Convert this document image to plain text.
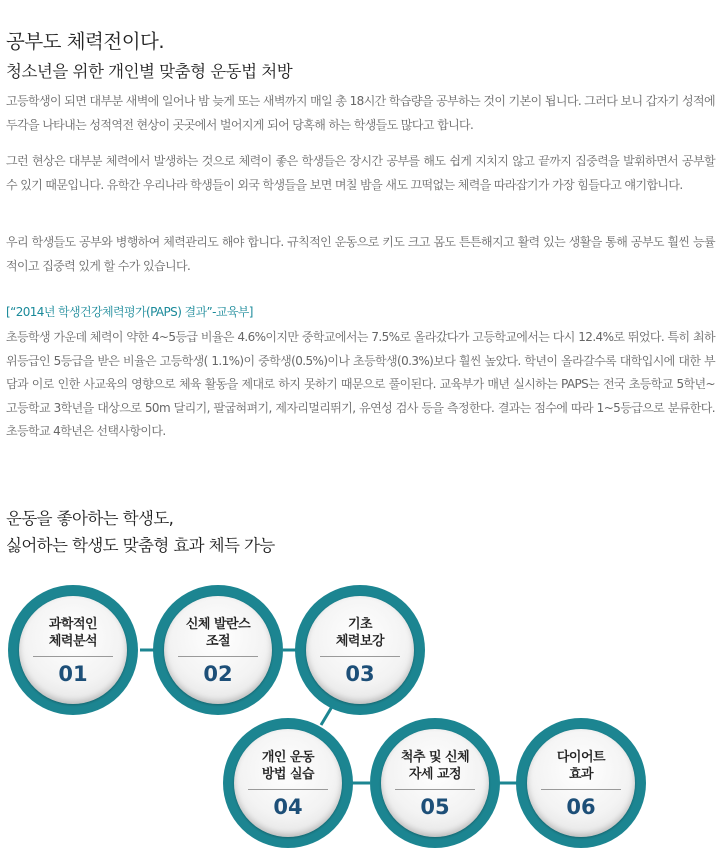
공부도 체력전이다.
청소년을 위한 개인별 맞춤형 운동법 처방

고등학생이 되면 대부분 새벽에 일어나 밤 늦게 또는 새벽까지 매일 총 18시간 학습량을 공부하는 것이 기본이 됩니다. 그러다 보니 갑자기 성적에 두각을 나타내는 성적역전 현상이 곳곳에서 벌어지게 되어 당혹해 하는 학생들도 많다고 합니다.

그런 현상은 대부분 체력에서 발생하는 것으로 체력이 좋은 학생들은 장시간 공부를 해도 쉽게 지치지 않고 끝까지 집중력을 발휘하면서 공부할 수 있기 때문입니다. 유학간 우리나라 학생들이 외국 학생들을 보면 며칠 밤을 새도 끄떡없는 체력을 따라잡기가 가장 힘들다고 얘기합니다.

우리 학생들도 공부와 병행하여 체력관리도 해야 합니다. 규칙적인 운동으로 키도 크고 몸도 튼튼해지고 활력 있는 생활을 통해 공부도 훨씬 능률적이고 집중력 있게 할 수가 있습니다.

[“2014년 학생건강체력평가(PAPS) 결과”-교육부]

초등학생 가운데 체력이 약한 4~5등급 비율은 4.6%이지만 중학교에서는 7.5%로 올라갔다가 고등학교에서는 다시 12.4%로 뛰었다. 특히 최하위등급인 5등급을 받은 비율은 고등학생( 1.1%)이 중학생(0.5%)이나 초등학생(0.3%)보다 훨씬 높았다. 학년이 올라갈수록 대학입시에 대한 부담과 이로 인한 사교육의 영향으로 체육 활동을 제대로 하지 못하기 때문으로 풀이된다. 교육부가 매년 실시하는 PAPS는 전국 초등학교 5학년~고등학교 3학년을 대상으로 50m 달리기, 팔굽혀펴기, 제자리멀리뛰기, 유연성 검사 등을 측정한다. 결과는 점수에 따라 1~5등급으로 분류한다. 초등학교 4학년은 선택사항이다.

운동을 좋아하는 학생도,
싫어하는 학생도 맞춤형 효과 체득 가능
과학적인
체력분석
01
신체 발란스
조절
02
기초
체력보강
03
개인 운동
방법 실습
04
척추 및 신체
자세 교정
05
다이어트
효과
06
